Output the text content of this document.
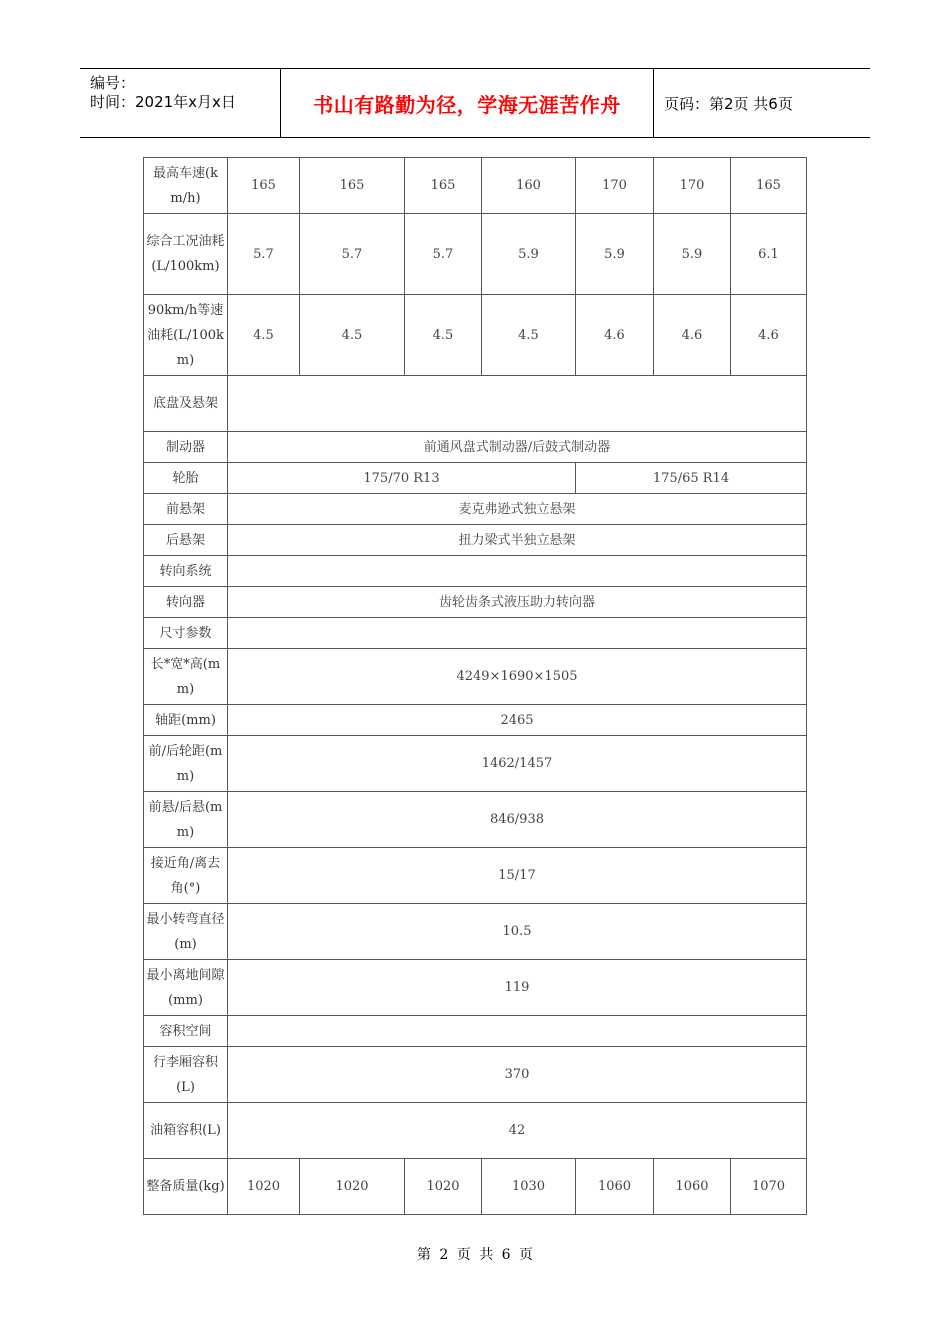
编号：
时间：2021年x月x日	书山有路勤为径，学海无涯苦作舟	页码：第2页 共6页
最高车速(km/h)	165	165	165	160	170	170	165
综合工况油耗(L/100km)	5.7	5.7	5.7	5.9	5.9	5.9	6.1
90km/h等速油耗(L/100km)	4.5	4.5	4.5	4.5	4.6	4.6	4.6
底盘及悬架							
制动器	前通风盘式制动器/后鼓式制动器						
轮胎	175/70 R13				175/65 R14		
前悬架	麦克弗逊式独立悬架						
后悬架	扭力梁式半独立悬架						
转向系统							
转向器	齿轮齿条式液压助力转向器						
尺寸参数							
长*宽*高(mm)	4249×1690×1505						
轴距(mm)	2465						
前/后轮距(mm)	1462/1457						
前悬/后悬(mm)	846/938						
接近角/离去角(°)	15/17						
最小转弯直径(m)	10.5						
最小离地间隙(mm)	119						
容积空间							
行李厢容积(L)	370						
油箱容积(L)	42						
整备质量(kg)	1020	1020	1020	1030	1060	1060	1070
第 2 页 共 6 页
